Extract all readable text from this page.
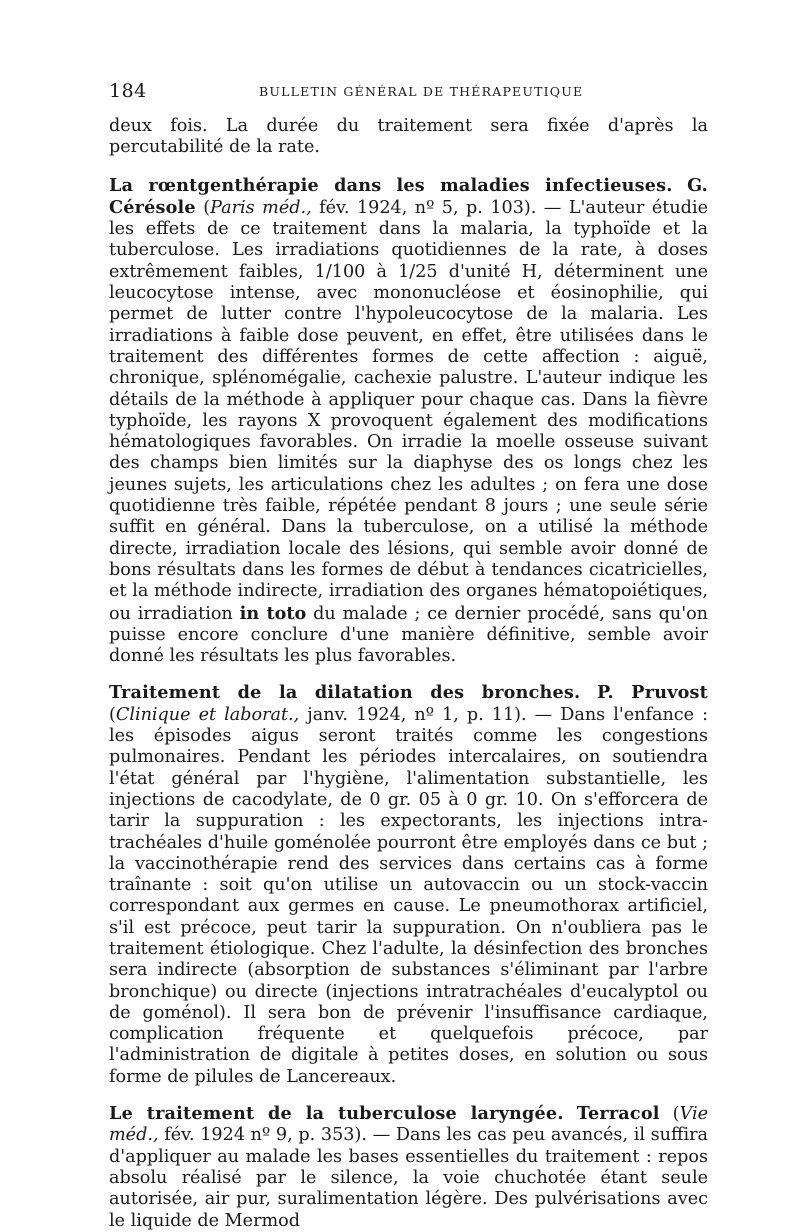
184	BULLETIN GÉNÉRAL DE THÉRAPEUTIQUE

deux fois. La durée du traitement sera fixée d'après la percutabilité de la rate.

La rœntgenthérapie dans les maladies infectieuses. G. Cérésole (Paris méd., fév. 1924, nº 5, p. 103). — L'auteur étudie les effets de ce traitement dans la malaria, la typhoïde et la tuberculose. Les irradiations quotidiennes de la rate, à doses extrêmement faibles, 1/100 à 1/25 d'unité H, déterminent une leucocytose intense, avec mononucléose et éosinophilie, qui permet de lutter contre l'hypoleucocytose de la malaria. Les irradiations à faible dose peuvent, en effet, être utilisées dans le traitement des différentes formes de cette affection : aiguë, chronique, splénomégalie, cachexie palustre. L'auteur indique les détails de la méthode à appliquer pour chaque cas. Dans la fièvre typhoïde, les rayons X provoquent également des modifications hématologiques favorables. On irradie la moelle osseuse suivant des champs bien limités sur la diaphyse des os longs chez les jeunes sujets, les articulations chez les adultes ; on fera une dose quotidienne très faible, répétée pendant 8 jours ; une seule série suffit en général. Dans la tuberculose, on a utilisé la méthode directe, irradiation locale des lésions, qui semble avoir donné de bons résultats dans les formes de début à tendances cicatricielles, et la méthode indirecte, irradiation des organes hématopoiétiques, ou irradiation in toto du malade ; ce dernier procédé, sans qu'on puisse encore conclure d'une manière définitive, semble avoir donné les résultats les plus favorables.

Traitement de la dilatation des bronches. P. Pruvost (Clinique et laborat., janv. 1924, nº 1, p. 11). — Dans l'enfance : les épisodes aigus seront traités comme les congestions pulmonaires. Pendant les périodes intercalaires, on soutiendra l'état général par l'hygiène, l'alimentation substantielle, les injections de cacodylate, de 0 gr. 05 à 0 gr. 10. On s'efforcera de tarir la suppuration : les expectorants, les injections intra-trachéales d'huile goménolée pourront être employés dans ce but ; la vaccinothérapie rend des services dans certains cas à forme traînante : soit qu'on utilise un autovaccin ou un stock-vaccin correspondant aux germes en cause. Le pneumothorax artificiel, s'il est précoce, peut tarir la suppuration. On n'oubliera pas le traitement étiologique. Chez l'adulte, la désinfection des bronches sera indirecte (absorption de substances s'éliminant par l'arbre bronchique) ou directe (injections intratrachéales d'eucalyptol ou de goménol). Il sera bon de prévenir l'insuffisance cardiaque, complication fréquente et quelquefois précoce, par l'administration de digitale à petites doses, en solution ou sous forme de pilules de Lancereaux.

Le traitement de la tuberculose laryngée. Terracol (Vie méd., fév. 1924 nº 9, p. 353). — Dans les cas peu avancés, il suffira d'appliquer au malade les bases essentielles du traitement : repos absolu réalisé par le silence, la voie chuchotée étant seule autorisée, air pur, suralimentation légère. Des pulvérisations avec le liquide de Mermod
